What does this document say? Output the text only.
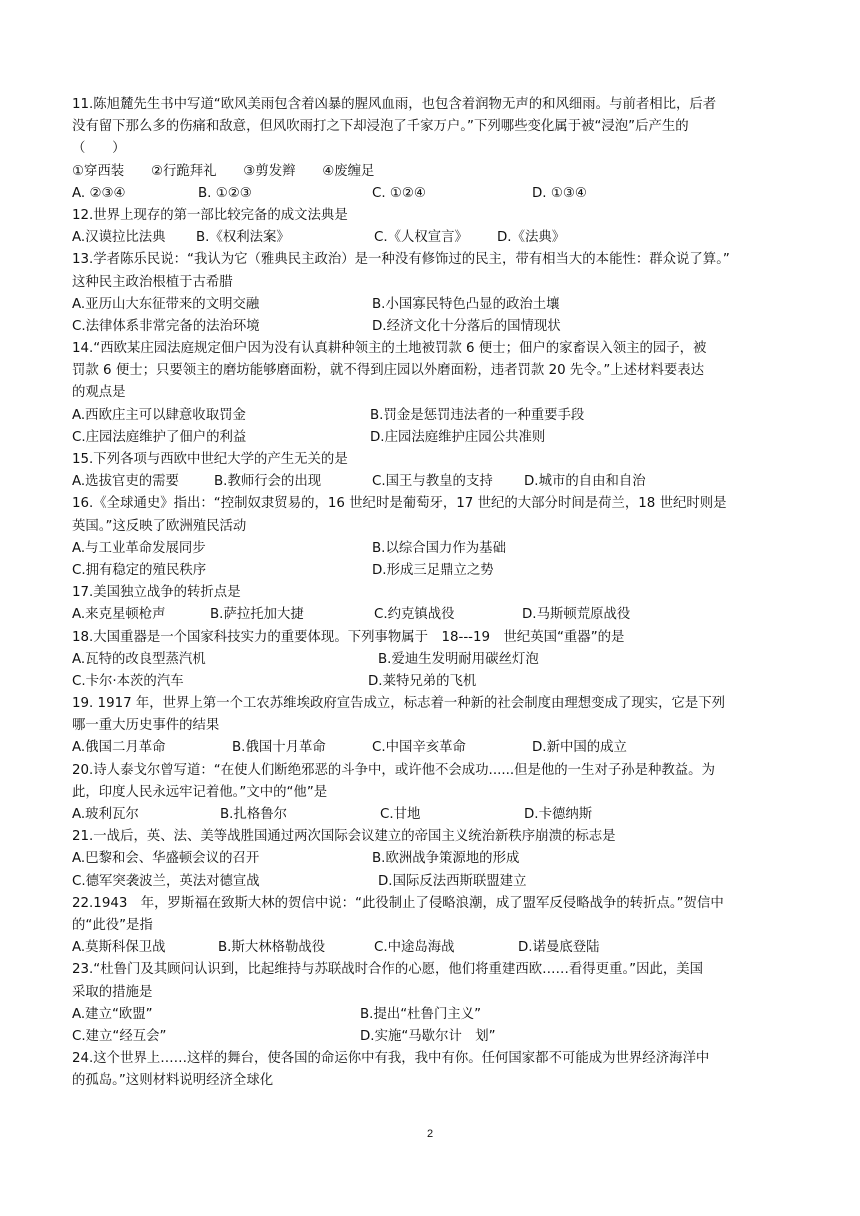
11.陈旭麓先生书中写道“欧风美雨包含着凶暴的腥风血雨，也包含着润物无声的和风细雨。与前者相比，后者
没有留下那么多的伤痛和敌意，但风吹雨打之下却浸泡了千家万户。”下列哪些变化属于被“浸泡”后产生的
（　　）
①穿西装　　②行跪拜礼　　③剪发辫　　④废缠足
A. ②③④	B. ①②③	C. ①②④	D. ①③④
12.世界上现存的第一部比较完备的成文法典是
A.汉谟拉比法典 B.《权利法案》	C.《人权宣言》 D.《法典》
13.学者陈乐民说：“我认为它（雅典民主政治）是一种没有修饰过的民主，带有相当大的本能性：群众说了算。”
这种民主政治根植于古希腊
A.亚历山大东征带来的文明交融	B.小国寡民特色凸显的政治土壤
C.法律体系非常完备的法治环境	D.经济文化十分落后的国情现状
14.“西欧某庄园法庭规定佃户因为没有认真耕种领主的土地被罚款 6 便士；佃户的家畜误入领主的园子，被
罚款 6 便士；只要领主的磨坊能够磨面粉，就不得到庄园以外磨面粉，违者罚款 20 先令。”上述材料要表达
的观点是
A.西欧庄主可以肆意收取罚金	B.罚金是惩罚违法者的一种重要手段
C.庄园法庭维护了佃户的利益	D.庄园法庭维护庄园公共准则
15.下列各项与西欧中世纪大学的产生无关的是
A.选拔官吏的需要	B.教师行会的出现	C.国王与教皇的支持 D.城市的自由和自治
16.《全球通史》指出：“控制奴隶贸易的，16 世纪时是葡萄牙，17 世纪的大部分时间是荷兰，18 世纪时则是
英国。”这反映了欧洲殖民活动
A.与工业革命发展同步	B.以综合国力作为基础
C.拥有稳定的殖民秩序	D.形成三足鼎立之势
17.美国独立战争的转折点是
A.来克星顿枪声	B.萨拉托加大捷	C.约克镇战役	D.马斯顿荒原战役
18.大国重器是一个国家科技实力的重要体现。下列事物属于　18---19　世纪英国“重器”的是
A.瓦特的改良型蒸汽机	B.爱迪生发明耐用碳丝灯泡
C.卡尔·本茨的汽车	D.莱特兄弟的飞机
19. 1917 年，世界上第一个工农苏维埃政府宣告成立，标志着一种新的社会制度由理想变成了现实，它是下列
哪一重大历史事件的结果
A.俄国二月革命	B.俄国十月革命	C.中国辛亥革命	D.新中国的成立
20.诗人泰戈尔曾写道：“在使人们断绝邪恶的斗争中，或许他不会成功......但是他的一生对子孙是种教益。为
此，印度人民永远牢记着他。”文中的“他”是
A.玻利瓦尔	B.扎格鲁尔	C.甘地	D.卡德纳斯
21.一战后，英、法、美等战胜国通过两次国际会议建立的帝国主义统治新秩序崩溃的标志是
A.巴黎和会、华盛顿会议的召开	B.欧洲战争策源地的形成
C.德军突袭波兰，英法对德宣战	D.国际反法西斯联盟建立
22.1943　年，罗斯福在致斯大林的贺信中说：“此役制止了侵略浪潮，成了盟军反侵略战争的转折点。”贺信中
的“此役”是指
A.莫斯科保卫战	B.斯大林格勒战役	C.中途岛海战	D.诺曼底登陆
23.“杜鲁门及其顾问认识到，比起维持与苏联战时合作的心愿，他们将重建西欧……看得更重。”因此，美国
采取的措施是
A.建立“欧盟”	B.提出“杜鲁门主义”
C.建立“经互会”	D.实施“马歇尔计　划”
24.这个世界上……这样的舞台，使各国的命运你中有我，我中有你。任何国家都不可能成为世界经济海洋中
的孤岛。”这则材料说明经济全球化
2
